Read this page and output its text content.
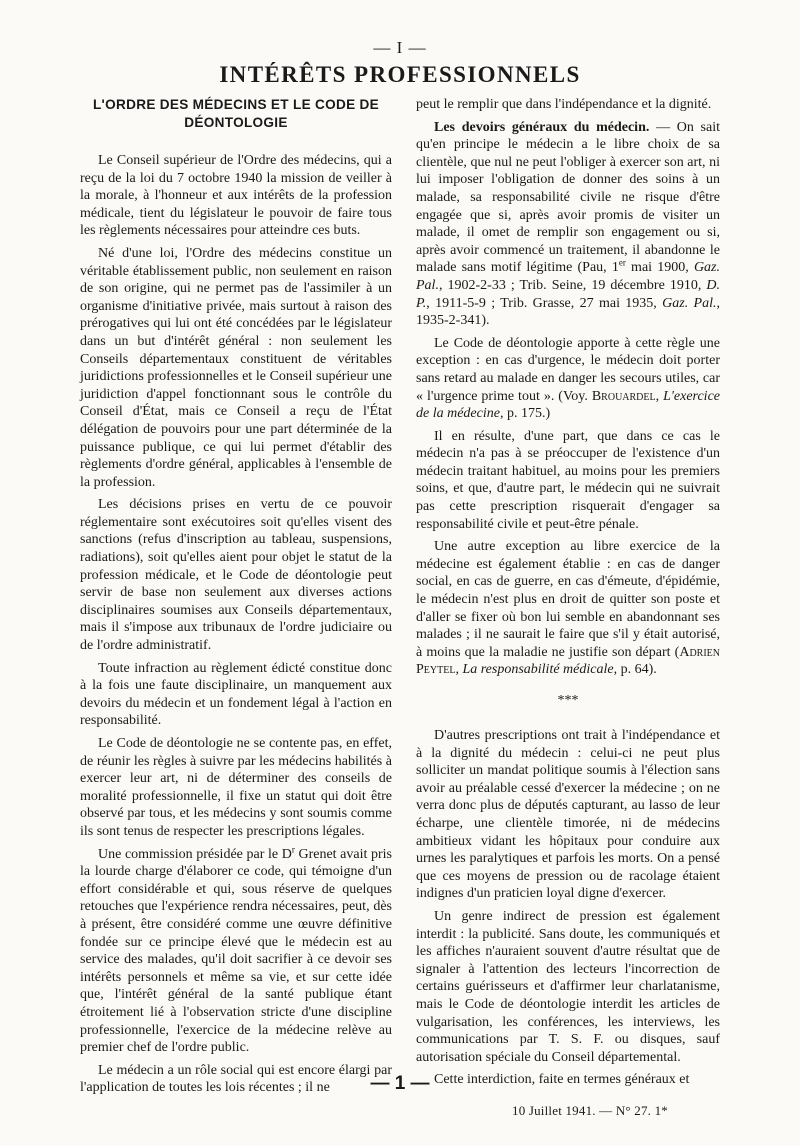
— I —
INTÉRÊTS PROFESSIONNELS
L'ORDRE DES MÉDECINS ET LE CODE DE DÉONTOLOGIE

Le Conseil supérieur de l'Ordre des médecins, qui a reçu de la loi du 7 octobre 1940 la mission de veiller à la morale, à l'honneur et aux intérêts de la profession médicale, tient du législateur le pouvoir de faire tous les règlements nécessaires pour atteindre ces buts.

Né d'une loi, l'Ordre des médecins constitue un véritable établissement public, non seulement en raison de son origine, qui ne permet pas de l'assimiler à un organisme d'initiative privée, mais surtout à raison des prérogatives qui lui ont été concédées par le législateur dans un but d'intérêt général : non seulement les Conseils départementaux constituent de véritables juridictions professionnelles et le Conseil supérieur une juridiction d'appel fonctionnant sous le contrôle du Conseil d'État, mais ce Conseil a reçu de l'État délégation de pouvoirs pour une part déterminée de la puissance publique, ce qui lui permet d'établir des règlements d'ordre général, applicables à l'ensemble de la profession.

Les décisions prises en vertu de ce pouvoir réglementaire sont exécutoires soit qu'elles visent des sanctions (refus d'inscription au tableau, suspensions, radiations), soit qu'elles aient pour objet le statut de la profession médicale, et le Code de déontologie peut servir de base non seulement aux diverses actions disciplinaires soumises aux Conseils départementaux, mais il s'impose aux tribunaux de l'ordre judiciaire ou de l'ordre administratif.

Toute infraction au règlement édicté constitue donc à la fois une faute disciplinaire, un manquement aux devoirs du médecin et un fondement légal à l'action en responsabilité.

Le Code de déontologie ne se contente pas, en effet, de réunir les règles à suivre par les médecins habilités à exercer leur art, ni de déterminer des conseils de moralité professionnelle, il fixe un statut qui doit être observé par tous, et les médecins y sont soumis comme ils sont tenus de respecter les prescriptions légales.

Une commission présidée par le $D^r$ Grenet avait pris la lourde charge d'élaborer ce code, qui témoigne d'un effort considérable et qui, sous réserve de quelques retouches que l'expérience rendra nécessaires, peut, dès à présent, être considéré comme une œuvre définitive fondée sur ce principe élevé que le médecin est au service des malades, qu'il doit sacrifier à ce devoir ses intérêts personnels et même sa vie, et sur cette idée que, l'intérêt général de la santé publique étant étroitement lié à l'observation stricte d'une discipline professionnelle, l'exercice de la médecine relève au premier chef de l'ordre public.

Le médecin a un rôle social qui est encore élargi par l'application de toutes les lois récentes ; il ne

peut le remplir que dans l'indépendance et la dignité.

Les devoirs généraux du médecin. — On sait qu'en principe le médecin a le libre choix de sa clientèle, que nul ne peut l'obliger à exercer son art, ni lui imposer l'obligation de donner des soins à un malade, sa responsabilité civile ne risque d'être engagée que si, après avoir promis de visiter un malade, il omet de remplir son engagement ou si, après avoir commencé un traitement, il abandonne le malade sans motif légitime (Pau, 1er mai 1900, Gaz. Pal., 1902-2-33 ; Trib. Seine, 19 décembre 1910, D. P., 1911-5-9 ; Trib. Grasse, 27 mai 1935, Gaz. Pal., 1935-2-341).

Le Code de déontologie apporte à cette règle une exception : en cas d'urgence, le médecin doit porter sans retard au malade en danger les secours utiles, car « l'urgence prime tout ». (Voy. Brouardel, L'exercice de la médecine, p. 175.)

Il en résulte, d'une part, que dans ce cas le médecin n'a pas à se préoccuper de l'existence d'un médecin traitant habituel, au moins pour les premiers soins, et que, d'autre part, le médecin qui ne suivrait pas cette prescription risquerait d'engager sa responsabilité civile et peut-être pénale.

Une autre exception au libre exercice de la médecine est également établie : en cas de danger social, en cas de guerre, en cas d'émeute, d'épidémie, le médecin n'est plus en droit de quitter son poste et d'aller se fixer où bon lui semble en abandonnant ses malades ; il ne saurait le faire que s'il y était autorisé, à moins que la maladie ne justifie son départ (Adrien Peytel, La responsabilité médicale, p. 64).

***

D'autres prescriptions ont trait à l'indépendance et à la dignité du médecin : celui-ci ne peut plus solliciter un mandat politique soumis à l'élection sans avoir au préalable cessé d'exercer la médecine ; on ne verra donc plus de députés capturant, au lasso de leur écharpe, une clientèle timorée, ni de médecins ambitieux vidant les hôpitaux pour conduire aux urnes les paralytiques et parfois les morts. On a pensé que ces moyens de pression ou de racolage étaient indignes d'un praticien loyal digne d'exercer.

Un genre indirect de pression est également interdit : la publicité. Sans doute, les communiqués et les affiches n'auraient souvent d'autre résultat que de signaler à l'attention des lecteurs l'incorrection de certains guérisseurs et d'affirmer leur charlatanisme, mais le Code de déontologie interdit les articles de vulgarisation, les conférences, les interviews, les communications par T. S. F. ou disques, sauf autorisation spéciale du Conseil départemental.

Cette interdiction, faite en termes généraux et

— 1 —
10 Juillet 1941. — N° 27. 1*
